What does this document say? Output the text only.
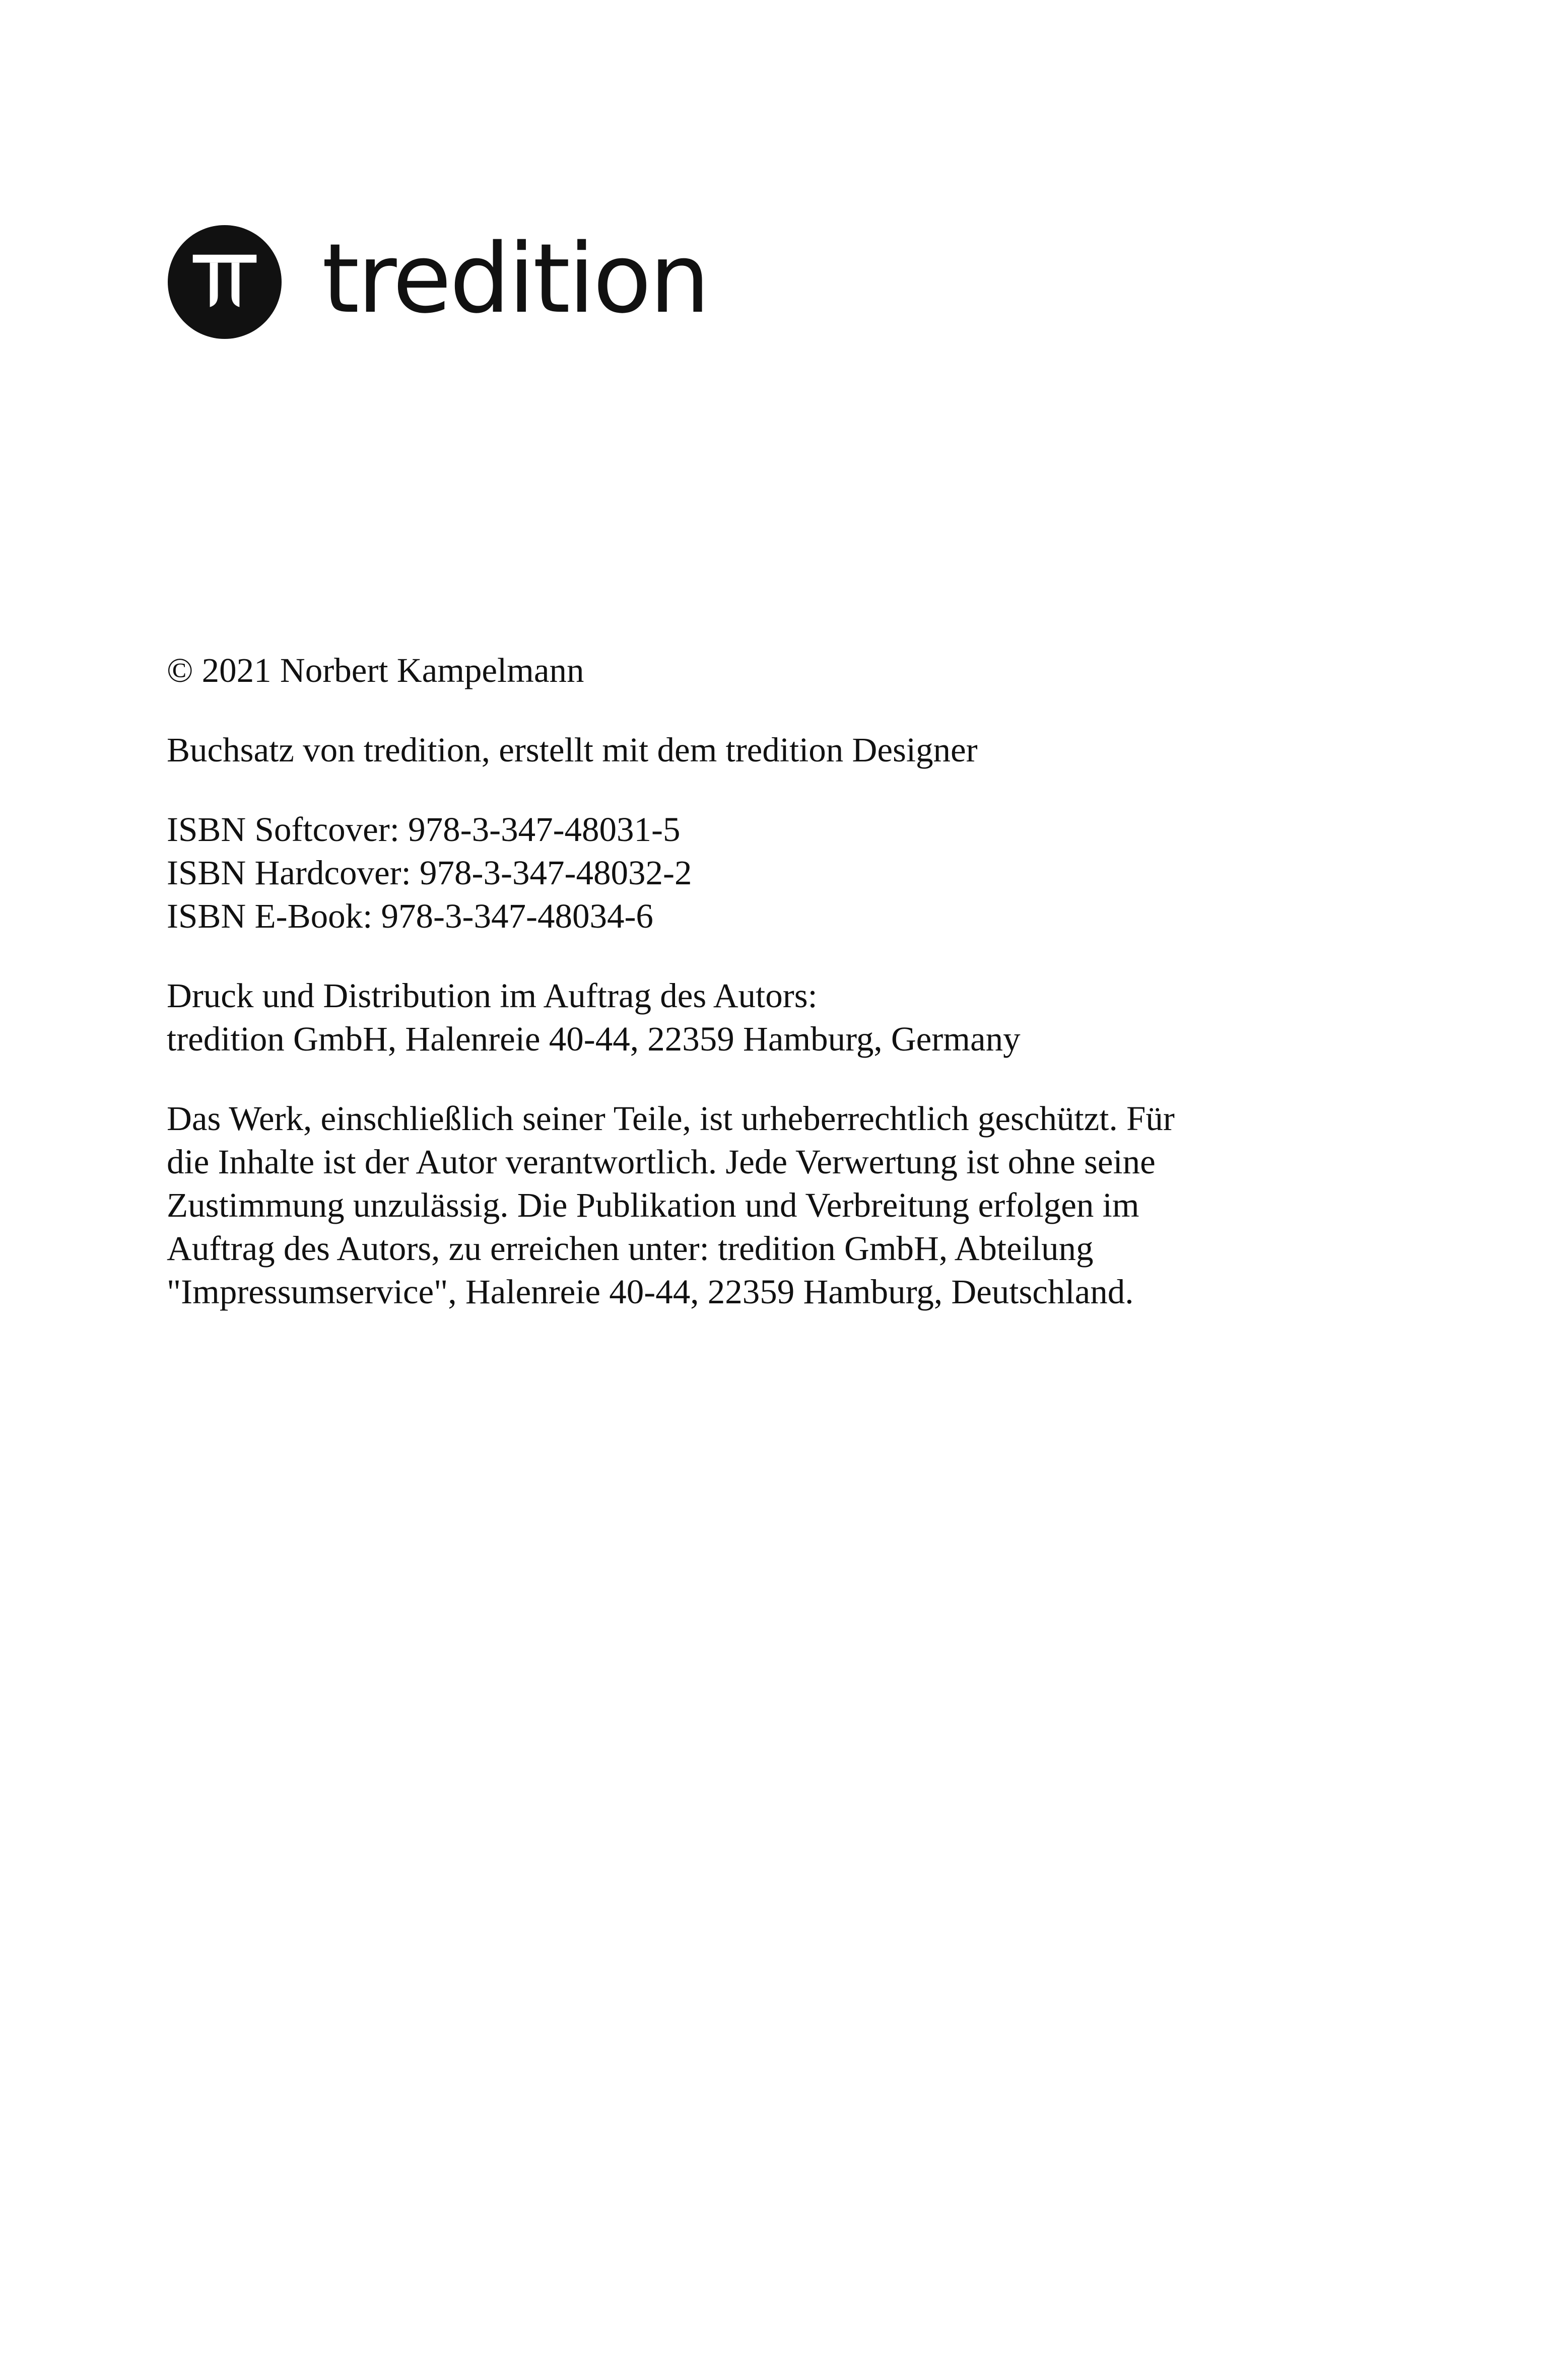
tredition
© 2021 Norbert Kampelmann
Buchsatz von tredition, erstellt mit dem tredition Designer
ISBN Softcover: 978-3-347-48031-5
ISBN Hardcover: 978-3-347-48032-2
ISBN E-Book: 978-3-347-48034-6
Druck und Distribution im Auftrag des Autors:
tredition GmbH, Halenreie 40-44, 22359 Hamburg, Germany
Das Werk, einschließlich seiner Teile, ist urheberrechtlich geschützt. Für
die Inhalte ist der Autor verantwortlich. Jede Verwertung ist ohne seine
Zustimmung unzulässig. Die Publikation und Verbreitung erfolgen im
Auftrag des Autors, zu erreichen unter: tredition GmbH, Abteilung
"Impressumservice", Halenreie 40-44, 22359 Hamburg, Deutschland.
